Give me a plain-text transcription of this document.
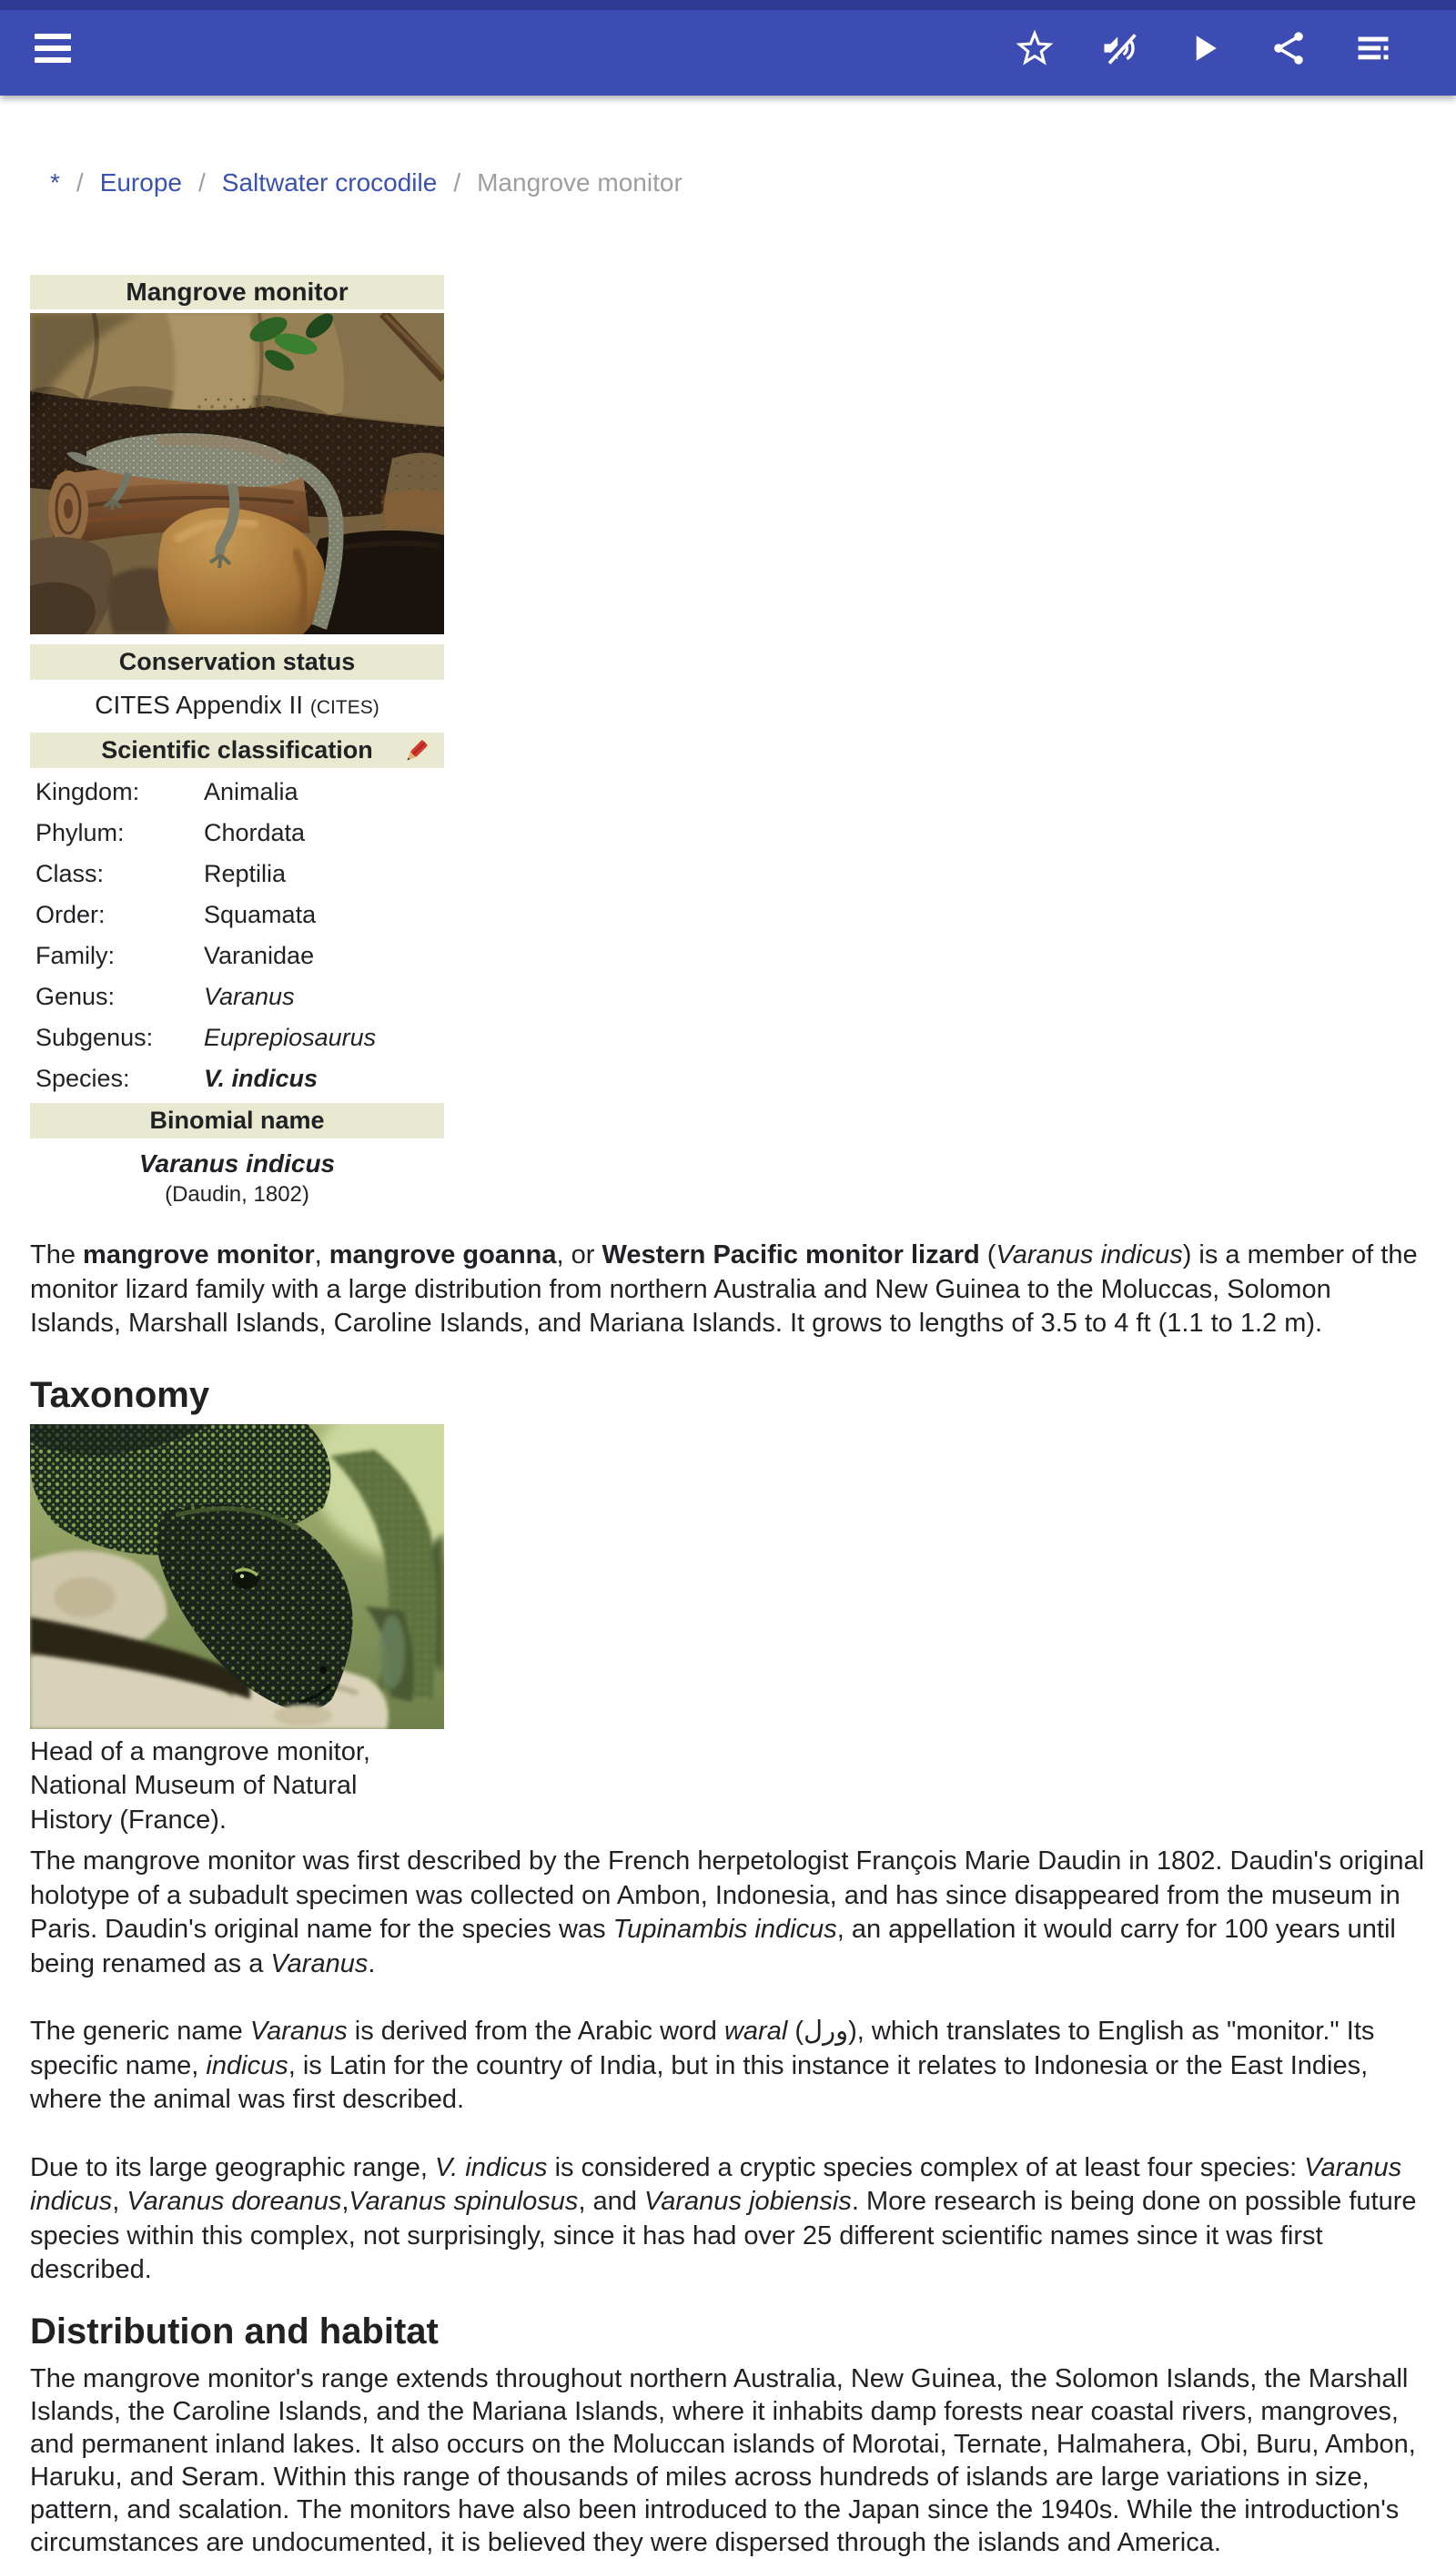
* / Europe / Saltwater crocodile / Mangrove monitor
Mangrove monitor
Conservation status
CITES Appendix II (CITES)
Scientific classification
Kingdom:	Animalia
Phylum:	Chordata
Class:	Reptilia
Order:	Squamata
Family:	Varanidae
Genus:	Varanus
Subgenus:	Euprepiosaurus
Species:	V. indicus
Binomial name
Varanus indicus
(Daudin, 1802)

The mangrove monitor, mangrove goanna, or Western Pacific monitor lizard (Varanus indicus) is a member of the monitor lizard family with a large distribution from northern Australia and New Guinea to the Moluccas, Solomon Islands, Marshall Islands, Caroline Islands, and Mariana Islands. It grows to lengths of 3.5 to 4 ft (1.1 to 1.2 m).

Taxonomy
Head of a mangrove monitor, National Museum of Natural History (France).

The mangrove monitor was first described by the French herpetologist François Marie Daudin in 1802. Daudin's original holotype of a subadult specimen was collected on Ambon, Indonesia, and has since disappeared from the museum in Paris. Daudin's original name for the species was Tupinambis indicus, an appellation it would carry for 100 years until being renamed as a Varanus.

The generic name Varanus is derived from the Arabic word waral (ورل), which translates to English as "monitor." Its specific name, indicus, is Latin for the country of India, but in this instance it relates to Indonesia or the East Indies, where the animal was first described.

Due to its large geographic range, V. indicus is considered a cryptic species complex of at least four species: Varanus indicus, Varanus doreanus,Varanus spinulosus, and Varanus jobiensis. More research is being done on possible future species within this complex, not surprisingly, since it has had over 25 different scientific names since it was first described.

Distribution and habitat

The mangrove monitor's range extends throughout northern Australia, New Guinea, the Solomon Islands, the Marshall Islands, the Caroline Islands, and the Mariana Islands, where it inhabits damp forests near coastal rivers, mangroves, and permanent inland lakes. It also occurs on the Moluccan islands of Morotai, Ternate, Halmahera, Obi, Buru, Ambon, Haruku, and Seram. Within this range of thousands of miles across hundreds of islands are large variations in size, pattern, and scalation. The monitors have also been introduced to the Japan since the 1940s. While the introduction's circumstances are undocumented, it is believed they were dispersed through the islands and America.
